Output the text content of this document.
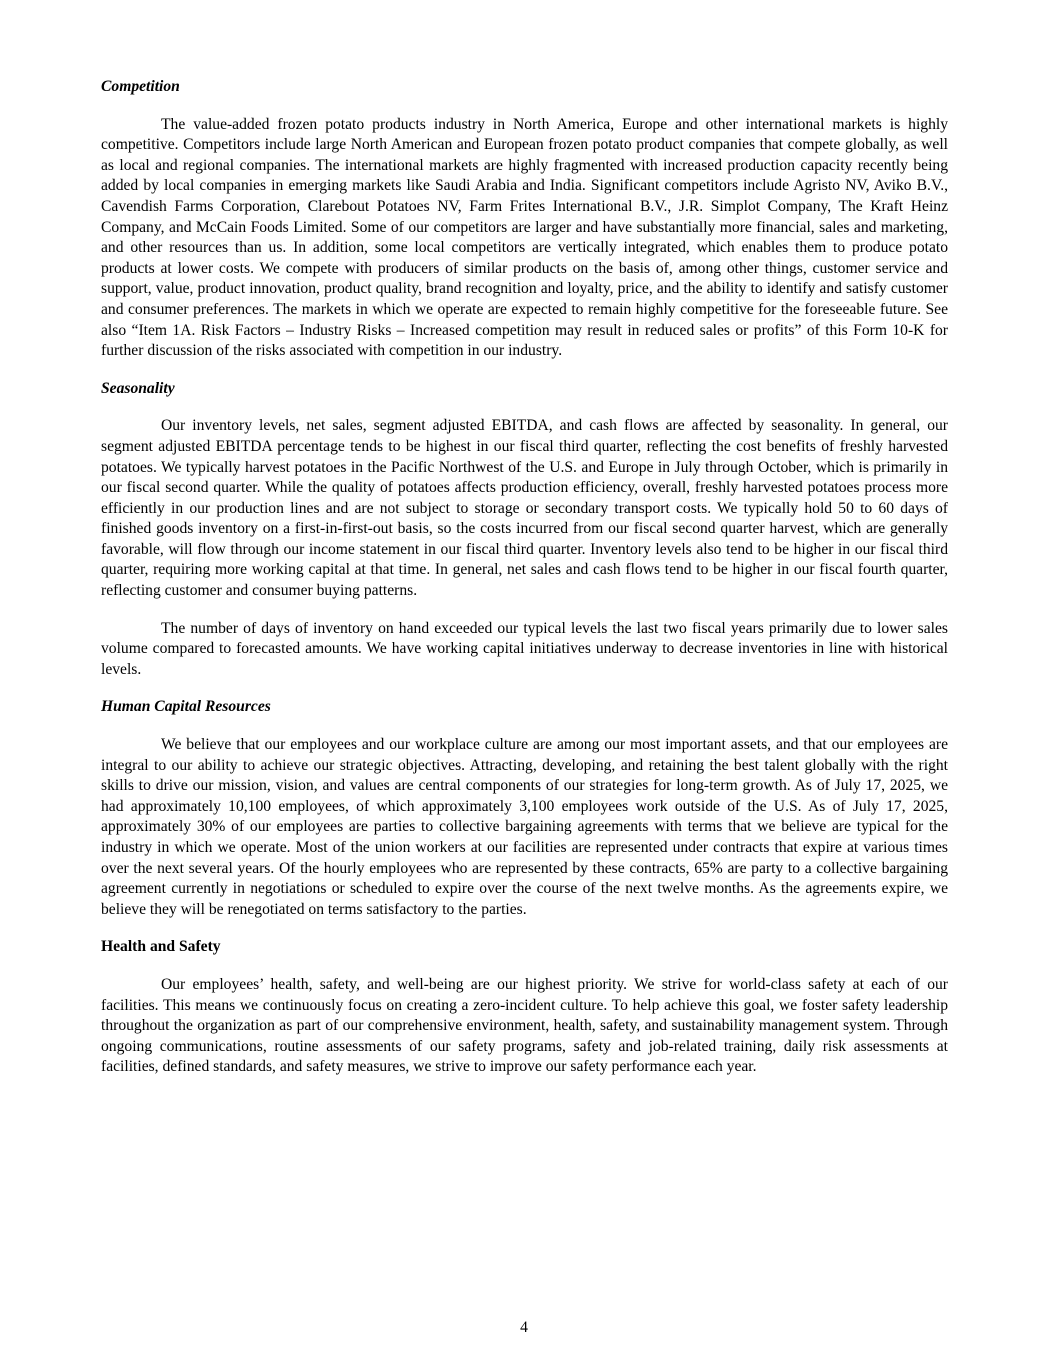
Competition

The value-added frozen potato products industry in North America, Europe and other international markets is highly competitive. Competitors include large North American and European frozen potato product companies that compete globally, as well as local and regional companies. The international markets are highly fragmented with increased production capacity recently being added by local companies in emerging markets like Saudi Arabia and India. Significant competitors include Agristo NV, Aviko B.V., Cavendish Farms Corporation, Clarebout Potatoes NV, Farm Frites International B.V., J.R. Simplot Company, The Kraft Heinz Company, and McCain Foods Limited. Some of our competitors are larger and have substantially more financial, sales and marketing, and other resources than us. In addition, some local competitors are vertically integrated, which enables them to produce potato products at lower costs. We compete with producers of similar products on the basis of, among other things, customer service and support, value, product innovation, product quality, brand recognition and loyalty, price, and the ability to identify and satisfy customer and consumer preferences. The markets in which we operate are expected to remain highly competitive for the foreseeable future. See also “Item 1A. Risk Factors – Industry Risks – Increased competition may result in reduced sales or profits” of this Form 10-K for further discussion of the risks associated with competition in our industry.

Seasonality

Our inventory levels, net sales, segment adjusted EBITDA, and cash flows are affected by seasonality. In general, our segment adjusted EBITDA percentage tends to be highest in our fiscal third quarter, reflecting the cost benefits of freshly harvested potatoes. We typically harvest potatoes in the Pacific Northwest of the U.S. and Europe in July through October, which is primarily in our fiscal second quarter. While the quality of potatoes affects production efficiency, overall, freshly harvested potatoes process more efficiently in our production lines and are not subject to storage or secondary transport costs. We typically hold 50 to 60 days of finished goods inventory on a first-in-first-out basis, so the costs incurred from our fiscal second quarter harvest, which are generally favorable, will flow through our income statement in our fiscal third quarter. Inventory levels also tend to be higher in our fiscal third quarter, requiring more working capital at that time. In general, net sales and cash flows tend to be higher in our fiscal fourth quarter, reflecting customer and consumer buying patterns.

The number of days of inventory on hand exceeded our typical levels the last two fiscal years primarily due to lower sales volume compared to forecasted amounts. We have working capital initiatives underway to decrease inventories in line with historical levels.

Human Capital Resources

We believe that our employees and our workplace culture are among our most important assets, and that our employees are integral to our ability to achieve our strategic objectives. Attracting, developing, and retaining the best talent globally with the right skills to drive our mission, vision, and values are central components of our strategies for long-term growth. As of July 17, 2025, we had approximately 10,100 employees, of which approximately 3,100 employees work outside of the U.S. As of July 17, 2025, approximately 30% of our employees are parties to collective bargaining agreements with terms that we believe are typical for the industry in which we operate. Most of the union workers at our facilities are represented under contracts that expire at various times over the next several years. Of the hourly employees who are represented by these contracts, 65% are party to a collective bargaining agreement currently in negotiations or scheduled to expire over the course of the next twelve months. As the agreements expire, we believe they will be renegotiated on terms satisfactory to the parties.

Health and Safety

Our employees’ health, safety, and well-being are our highest priority. We strive for world-class safety at each of our facilities. This means we continuously focus on creating a zero-incident culture. To help achieve this goal, we foster safety leadership throughout the organization as part of our comprehensive environment, health, safety, and sustainability management system. Through ongoing communications, routine assessments of our safety programs, safety and job-related training, daily risk assessments at facilities, defined standards, and safety measures, we strive to improve our safety performance each year.

4
